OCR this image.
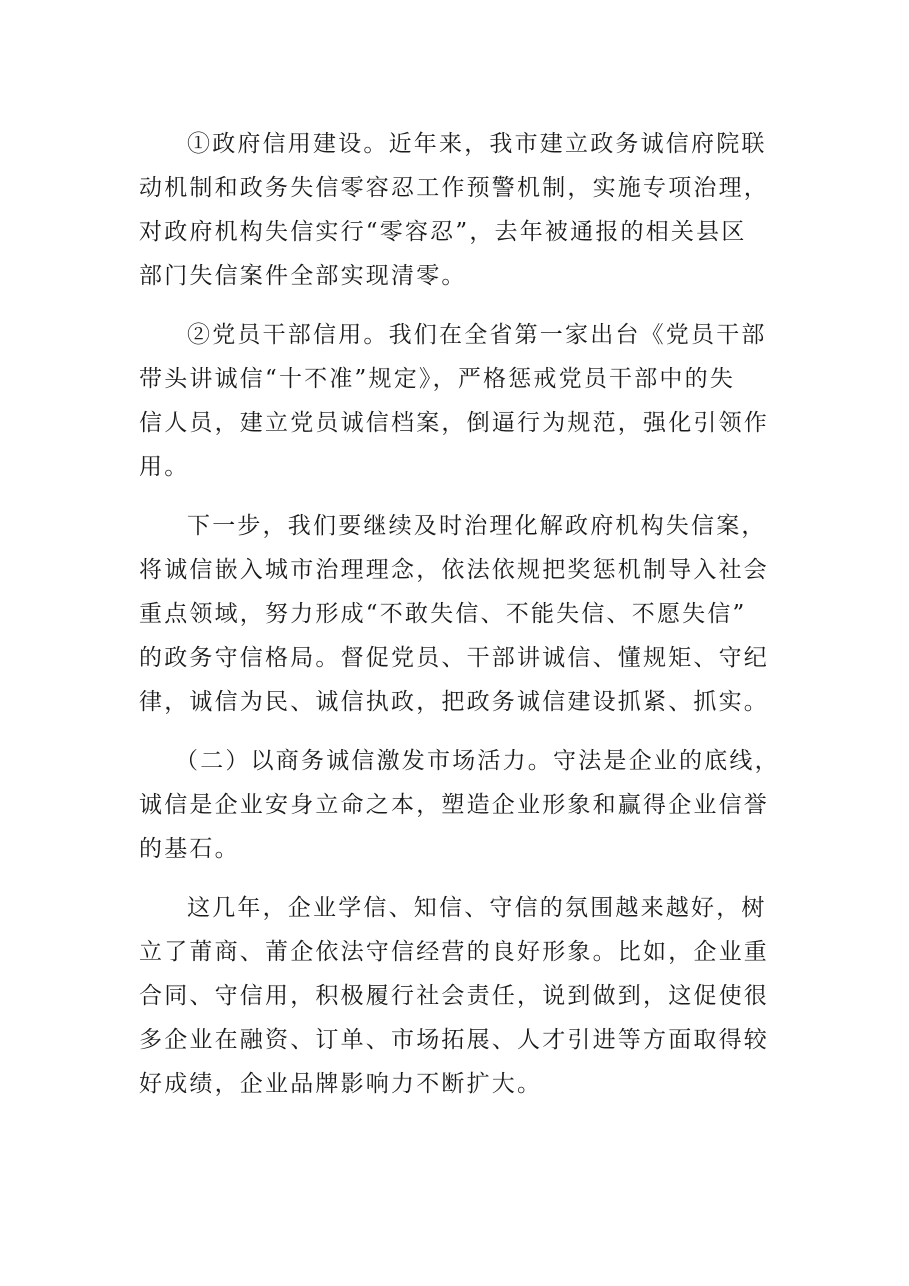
①政府信用建设。近年来，我市建立政务诚信府院联
动机制和政务失信零容忍工作预警机制，实施专项治理，
对政府机构失信实行“零容忍”，去年被通报的相关县区
部门失信案件全部实现清零。
②党员干部信用。我们在全省第一家出台《党员干部
带头讲诚信“十不准”规定》，严格惩戒党员干部中的失
信人员，建立党员诚信档案，倒逼行为规范，强化引领作
用。
下一步，我们要继续及时治理化解政府机构失信案，
将诚信嵌入城市治理理念，依法依规把奖惩机制导入社会
重点领域，努力形成“不敢失信、不能失信、不愿失信”
的政务守信格局。督促党员、干部讲诚信、懂规矩、守纪
律，诚信为民、诚信执政，把政务诚信建设抓紧、抓实。
（二）以商务诚信激发市场活力。守法是企业的底线，
诚信是企业安身立命之本，塑造企业形象和赢得企业信誉
的基石。
这几年，企业学信、知信、守信的氛围越来越好，树
立了莆商、莆企依法守信经营的良好形象。比如，企业重
合同、守信用，积极履行社会责任，说到做到，这促使很
多企业在融资、订单、市场拓展、人才引进等方面取得较
好成绩，企业品牌影响力不断扩大。
